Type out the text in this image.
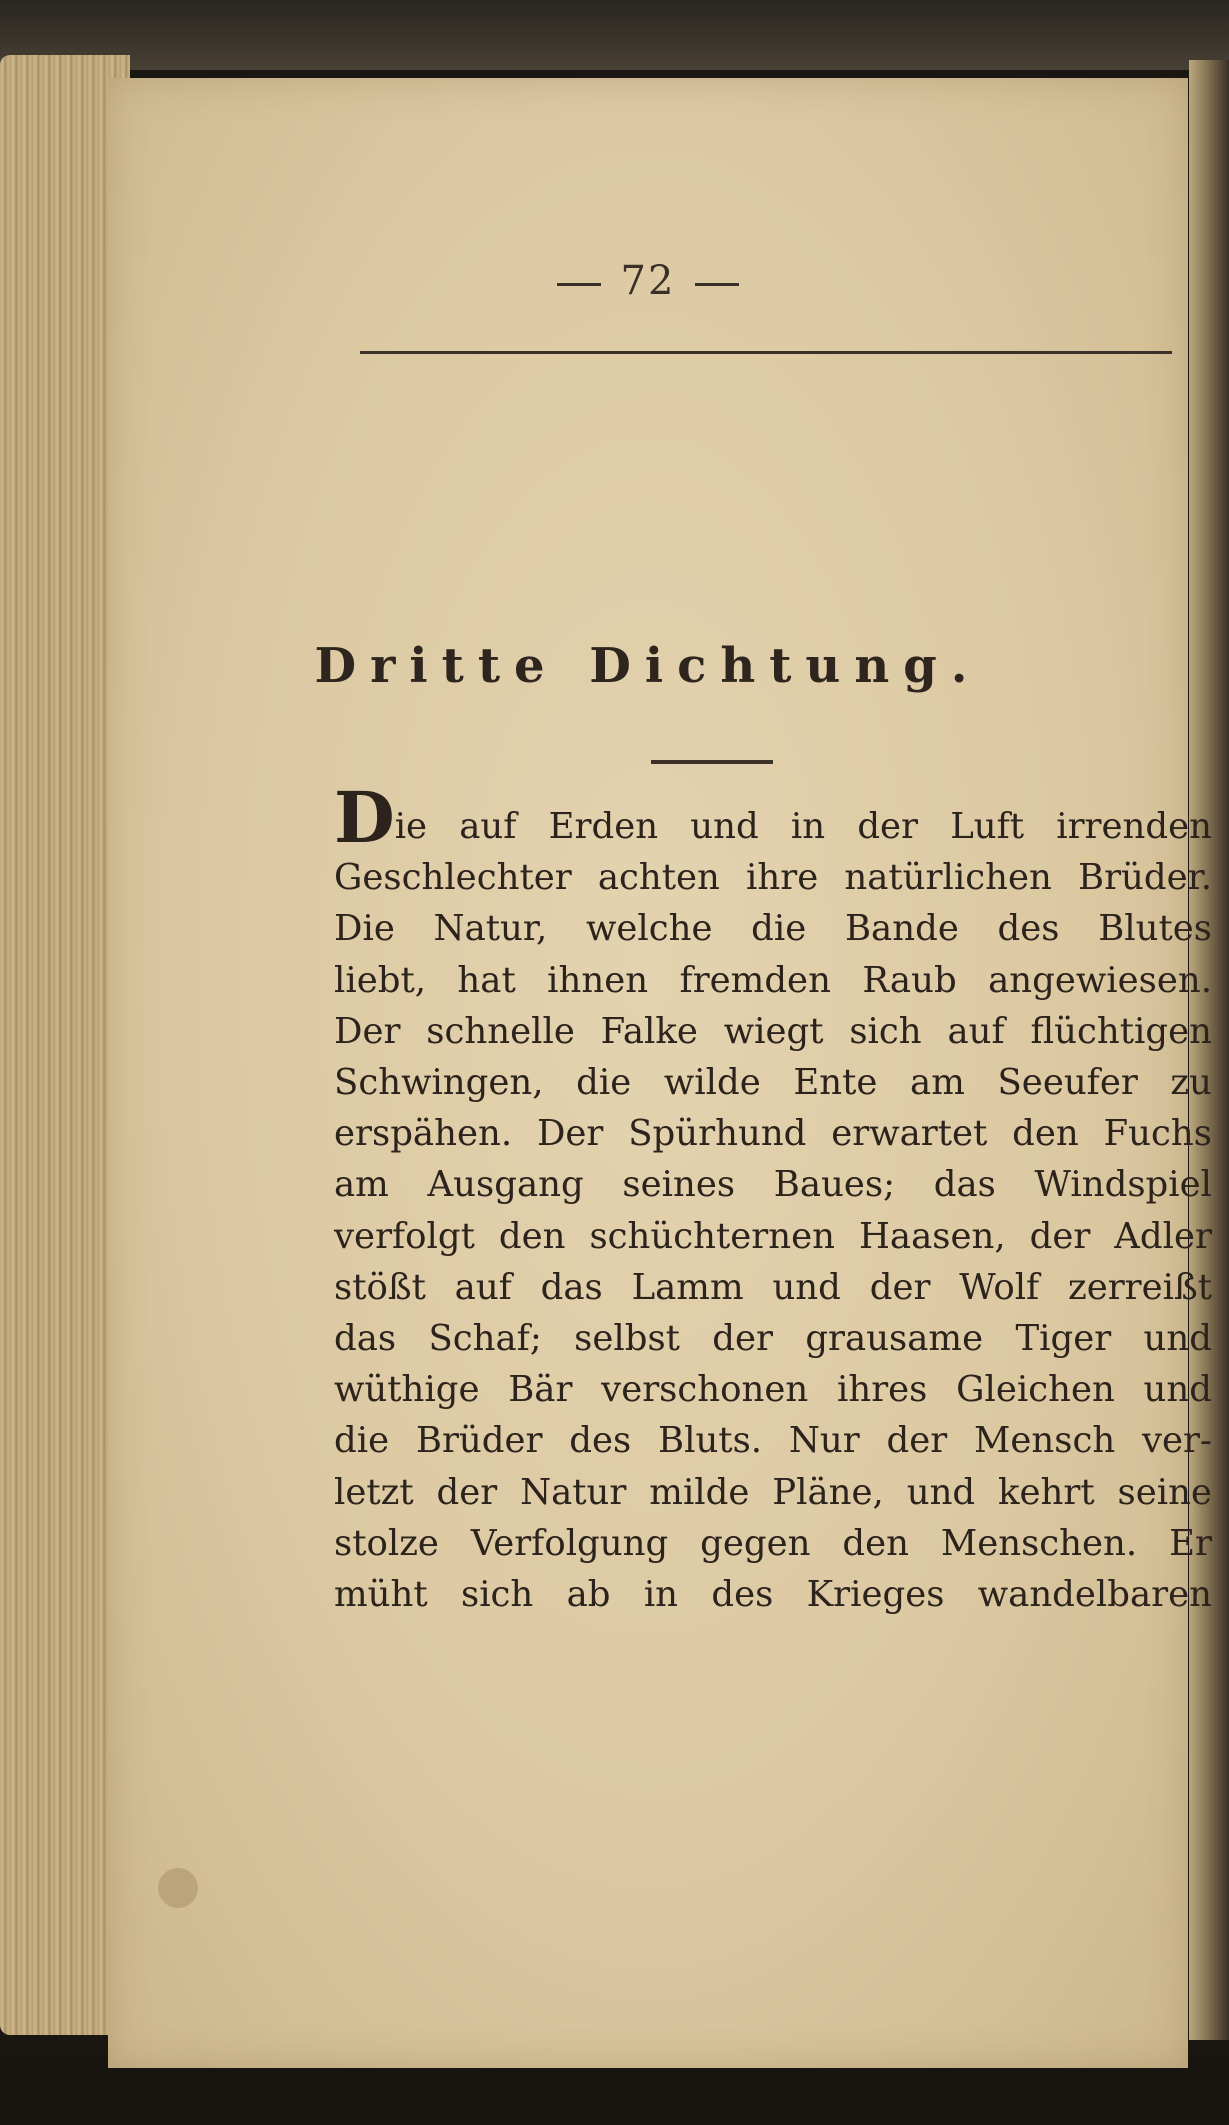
72
Dritte Dichtung.
Die auf Erden und in der Luft irrenden
Geschlechter achten ihre natürlichen Brüder.
Die Natur, welche die Bande des Blutes
liebt, hat ihnen fremden Raub angewiesen.
Der schnelle Falke wiegt sich auf flüchtigen
Schwingen, die wilde Ente am Seeufer zu
erspähen. Der Spürhund erwartet den Fuchs
am Ausgang seines Baues; das Windspiel
verfolgt den schüchternen Haasen, der Adler
stößt auf das Lamm und der Wolf zerreißt
das Schaf; selbst der grausame Tiger und
wüthige Bär verschonen ihres Gleichen und
die Brüder des Bluts. Nur der Mensch ver-
letzt der Natur milde Pläne, und kehrt seine
stolze Verfolgung gegen den Menschen. Er
müht sich ab in des Krieges wandelbaren
